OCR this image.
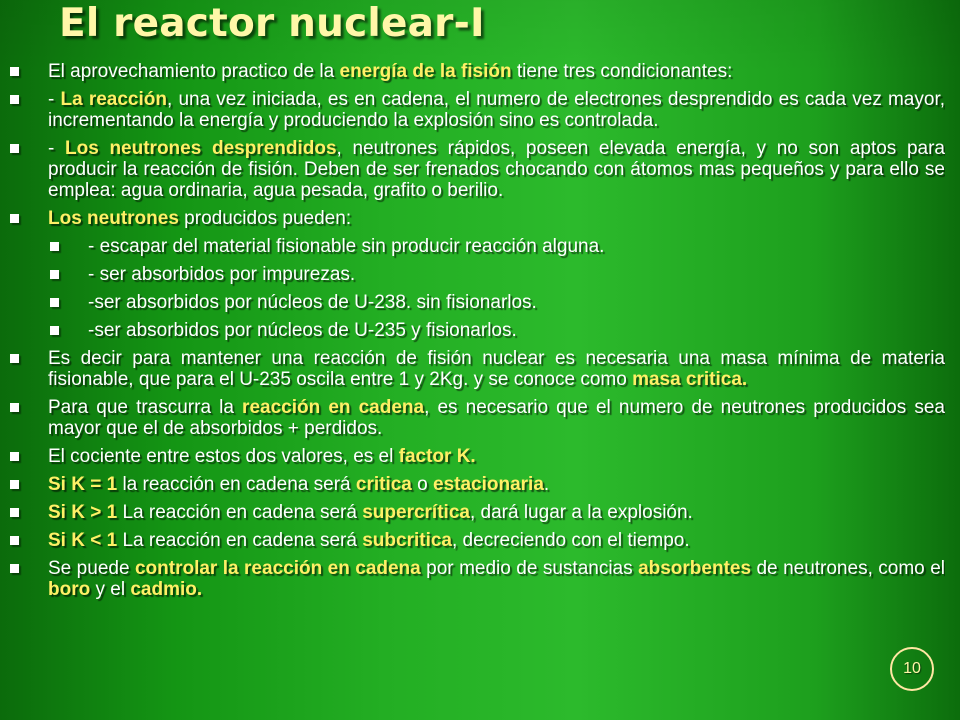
El reactor nuclear-I
10
El aprovechamiento practico de la energía de la fisión tiene tres condicionantes:
- La reacción, una vez iniciada, es en cadena, el numero de electrones desprendido es cada vez mayor, incrementando la energía y produciendo la explosión sino es controlada.
- Los neutrones desprendidos, neutrones rápidos, poseen elevada energía, y no son aptos para producir la reacción de fisión. Deben de ser frenados chocando con átomos mas pequeños y para ello se emplea: agua ordinaria, agua pesada, grafito o berilio.
Los neutrones producidos pueden:
- escapar del material fisionable sin producir reacción alguna.
- ser absorbidos por impurezas.
-ser absorbidos por núcleos de U-238. sin fisionarlos.
-ser absorbidos por núcleos de U-235 y fisionarlos.
Es decir para mantener una reacción de fisión nuclear es necesaria una masa mínima de materia fisionable, que para el U-235 oscila entre 1 y 2Kg. y se conoce como masa critica.
Para que trascurra la reacción en cadena, es necesario que el numero de neutrones producidos sea mayor que el de absorbidos + perdidos.
El cociente entre estos dos valores, es el factor K.
Si K = 1 la reacción en cadena será critica o estacionaria.
Si K > 1 La reacción en cadena será supercrítica, dará lugar a la explosión.
Si K < 1 La reacción en cadena será subcritica, decreciendo con el tiempo.
Se puede controlar la reacción en cadena por medio de sustancias absorbentes de neutrones, como el boro y el cadmio.
